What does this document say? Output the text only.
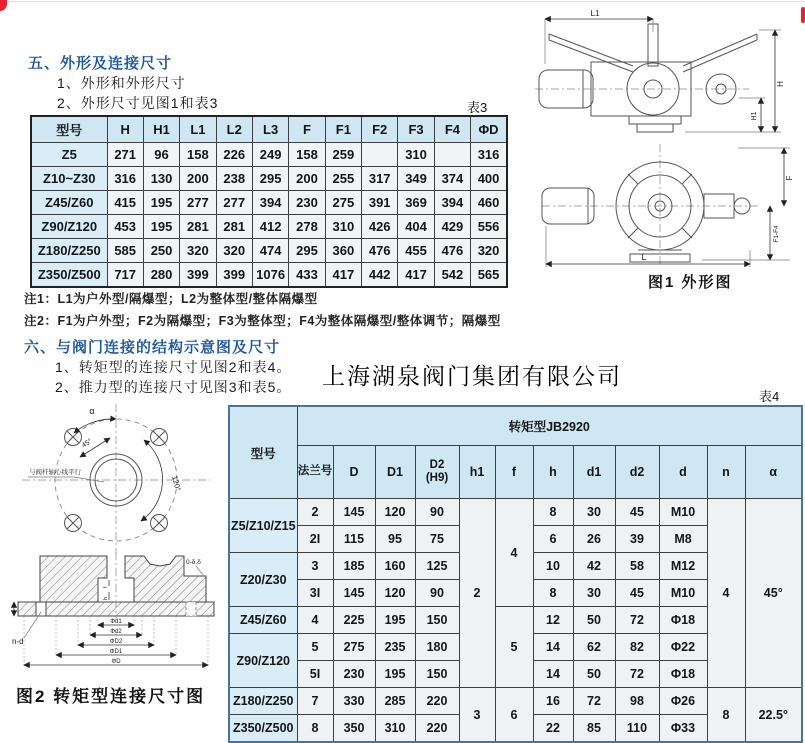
五、外形及连接尺寸
1、外形和外形尺寸
2、外形尺寸见图1和表3	表3
型号	H	H1	L1	L2	L3	F	F1	F2	F3	F4	ΦD
Z5	271	96	158	226	249	158	259		310		316
Z10~Z30	316	130	200	238	295	200	255	317	349	374	400
Z45/Z60	415	195	277	277	394	230	275	391	369	394	460
Z90/Z120	453	195	281	281	412	278	310	426	404	429	556
Z180/Z250	585	250	320	320	474	295	360	476	455	476	320
Z350/Z500	717	280	399	399	1076	433	417	442	417	542	565
注1：L1为户外型/隔爆型；L2为整体型/整体隔爆型
注2：F1为户外型；F2为隔爆型；F3为整体型；F4为整体隔爆型/整体调节；隔爆型
六、与阀门连接的结构示意图及尺寸
1、转矩型的连接尺寸见图2和表4。
2、推力型的连接尺寸见图3和表5。 上海湖泉阀门集团有限公司
表4
型号	转矩型JB2920											
	法兰号	D	D1	D2
(H9)	h1	f	h	d1	d2	d	n	α
Z5/Z10/Z15	2	145	120	90	2	4	8	30	45	M10	4	45°
	2I	115	95	75			6	26	39	M8		
Z20/Z30	3	185	160	125			10	42	58	M12		
	3I	145	120	90			8	30	45	M10		
Z45/Z60	4	225	195	150		5	12	50	72	Φ18		
Z90/Z120	5	275	235	180			14	62	82	Φ22		
	5I	230	195	150			14	50	72	Φ18		
Z180/Z250	7	330	285	220	3	6	16	72	98	Φ26	8	22.5°
Z350/Z500	8	350	310	220			22	85	110	Φ33		
L1
H
H1
F
F1-F4
L
图1 外形图
α
45°
120°
与阀杆轴心线平行
n-d
0-δ.δ
f
h
Φd1
Φd2
ΦD2
ΦD1
ΦD
图2 转矩型连接尺寸图
